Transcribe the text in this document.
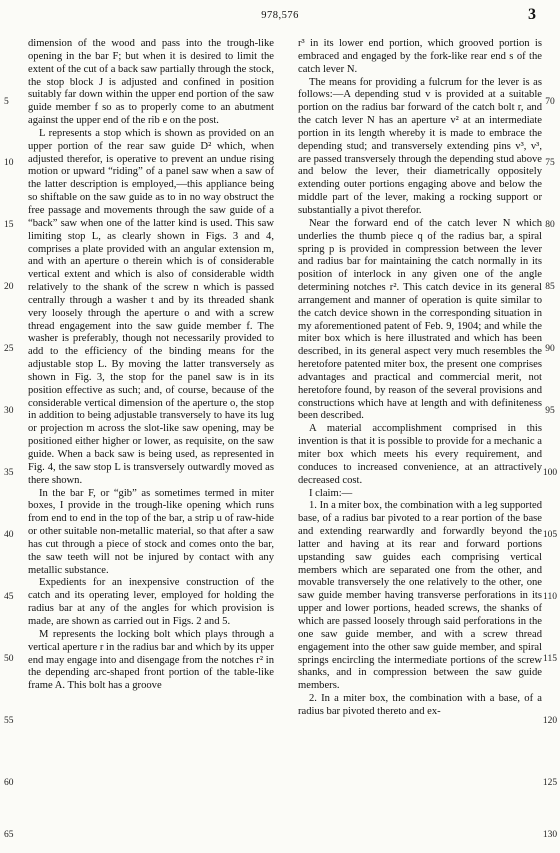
978,576	3

dimension of the wood and pass into the trough-like opening in the bar F; but when it is desired to limit the extent of the cut of a back saw partially through the stock, the stop block J is adjusted and confined in position suitably far down within the upper end portion of the saw guide member f so as to properly come to an abutment against the upper end of the rib e on the post.

L represents a stop which is shown as provided on an upper portion of the rear saw guide D² which, when adjusted therefor, is operative to prevent an undue rising motion or upward “riding” of a panel saw when a saw of the latter description is employed,—this appliance being so shiftable on the saw guide as to in no way obstruct the free passage and movements through the saw guide of a “back” saw when one of the latter kind is used. This saw limiting stop L, as clearly shown in Figs. 3 and 4, comprises a plate provided with an angular extension m, and with an aperture o therein which is of considerable vertical extent and which is also of considerable width relatively to the shank of the screw n which is passed centrally through a washer t and by its threaded shank very loosely through the aperture o and with a screw thread engagement into the saw guide member f. The washer is preferably, though not necessarily provided to add to the efficiency of the binding means for the adjustable stop L. By moving the latter transversely as shown in Fig. 3, the stop for the panel saw is in its position effective as such; and, of course, because of the considerable vertical dimension of the aperture o, the stop in addition to being adjustable transversely to have its lug or projection m across the slot-like saw opening, may be positioned either higher or lower, as requisite, on the saw guide. When a back saw is being used, as represented in Fig. 4, the saw stop L is transversely outwardly moved as there shown.

In the bar F, or “gib” as sometimes termed in miter boxes, I provide in the trough-like opening which runs from end to end in the top of the bar, a strip u of raw-hide or other suitable non-metallic material, so that after a saw has cut through a piece of stock and comes onto the bar, the saw teeth will not be injured by contact with any metallic substance.

Expedients for an inexpensive construction of the catch and its operating lever, employed for holding the radius bar at any of the angles for which provision is made, are shown as carried out in Figs. 2 and 5.

M represents the locking bolt which plays through a vertical aperture r in the radius bar and which by its upper end may engage into and disengage from the notches r² in the depending arc-shaped front portion of the table-like frame A. This bolt has a groove

r³ in its lower end portion, which grooved portion is embraced and engaged by the fork-like rear end s of the catch lever N.

The means for providing a fulcrum for the lever is as follows:—A depending stud v is provided at a suitable portion on the radius bar forward of the catch bolt r, and the catch lever N has an aperture v² at an intermediate portion in its length whereby it is made to embrace the depending stud; and transversely extending pins v³, v³, are passed transversely through the depending stud above and below the lever, their diametrically oppositely extending outer portions engaging above and below the middle part of the lever, making a rocking support or substantially a pivot therefor.

Near the forward end of the catch lever N which underlies the thumb piece q of the radius bar, a spiral spring p is provided in compression between the lever and radius bar for maintaining the catch normally in its position of interlock in any given one of the angle determining notches r². This catch device in its general arrangement and manner of operation is quite similar to the catch device shown in the corresponding situation in my aforementioned patent of Feb. 9, 1904; and while the miter box which is here illustrated and which has been described, in its general aspect very much resembles the heretofore patented miter box, the present one comprises advantages and practical and commercial merit, not heretofore found, by reason of the several provisions and constructions which have at length and with definiteness been described.

A material accomplishment comprised in this invention is that it is possible to provide for a mechanic a miter box which meets his every requirement, and conduces to increased convenience, at an attractively decreased cost.

I claim:—

1. In a miter box, the combination with a leg supported base, of a radius bar pivoted to a rear portion of the base and extending rearwardly and forwardly beyond the latter and having at its rear and forward portions upstanding saw guides each comprising vertical members which are separated one from the other, and movable transversely the one relatively to the other, one saw guide member having transverse perforations in its upper and lower portions, headed screws, the shanks of which are passed loosely through said perforations in the one saw guide member, and with a screw thread engagement into the other saw guide member, and spiral springs encircling the intermediate portions of the screw shanks, and in compression between the saw guide members.

2. In a miter box, the combination with a base, of a radius bar pivoted thereto and ex-

5
10
15
20
25
30
35
40
45
50
55
60
65
70
75
80
85
90
95
100
105
110
115
120
125
130
